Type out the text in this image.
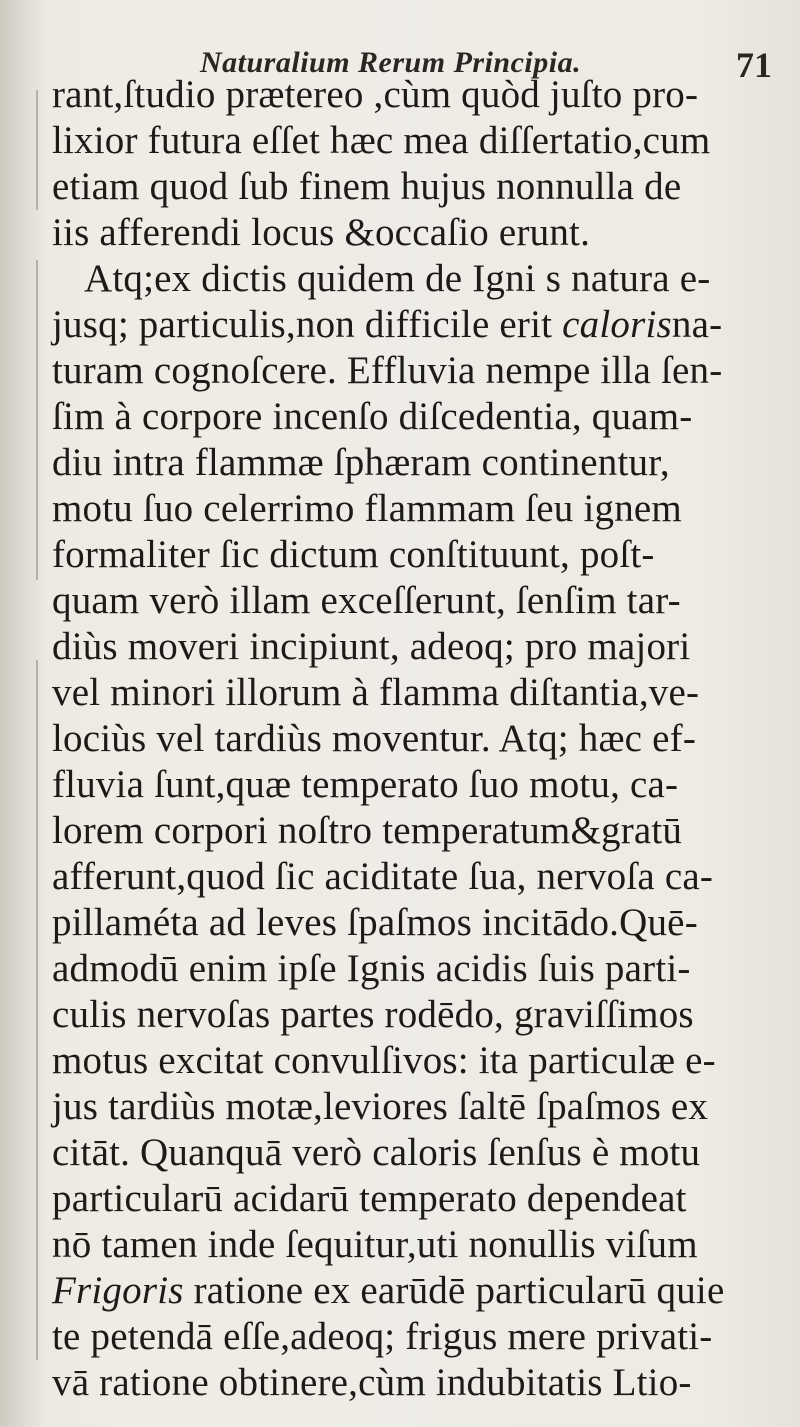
Naturalium Rerum Principia.	71
rant,ſtudio prætereo ,cùm quòd juſto pro-
lixior futura eſſet hæc mea diſſertatio,cum
etiam quod ſub finem hujus nonnulla de
iis afferendi locus &occaſio erunt.
Atq;ex dictis quidem de Igni s natura e-
jusq; particulis,non difficile erit calorisna-
turam cognoſcere. Effluvia nempe illa ſen-
ſim à corpore incenſo diſcedentia, quam-
diu intra flammæ ſphæram continentur,
motu ſuo celerrimo flammam ſeu ignem
formaliter ſic dictum conſtituunt, poſt-
quam verò illam exceſſerunt, ſenſim tar-
diùs moveri incipiunt, adeoq; pro majori
vel minori illorum à flamma diſtantia,ve-
lociùs vel tardiùs moventur. Atq; hæc ef-
fluvia ſunt,quæ temperato ſuo motu, ca-
lorem corpori noſtro temperatum&gratū
afferunt,quod ſic aciditate ſua, nervoſa ca-
pillaméta ad leves ſpaſmos incitādo.Quē-
admodū enim ipſe Ignis acidis ſuis parti-
culis nervoſas partes rodēdo, graviſſimos
motus excitat convulſivos: ita particulæ e-
jus tardiùs motæ,leviores ſaltē ſpaſmos ex
citāt. Quanquā verò caloris ſenſus è motu
particularū acidarū temperato dependeat
nō tamen inde ſequitur,uti nonullis viſum
Frigoris ratione ex earūdē particularū quie
te petendā eſſe,adeoq; frigus mere privati-
vā ratione obtinere,cùm indubitatis Ltio-
